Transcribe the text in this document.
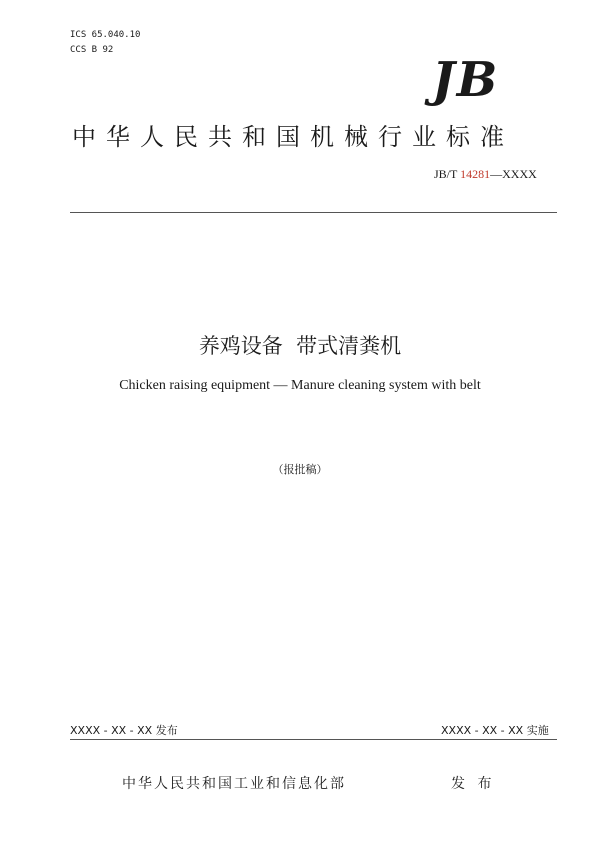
ICS 65.040.10
CCS B 92
JB
中华人民共和国机械行业标准
JB/T 14281—XXXX
养鸡设备  带式清粪机
Chicken raising equipment — Manure cleaning system with belt
（报批稿）
XXXX - XX - XX 发布	XXXX - XX - XX 实施
中华人民共和国工业和信息化部	发 布
